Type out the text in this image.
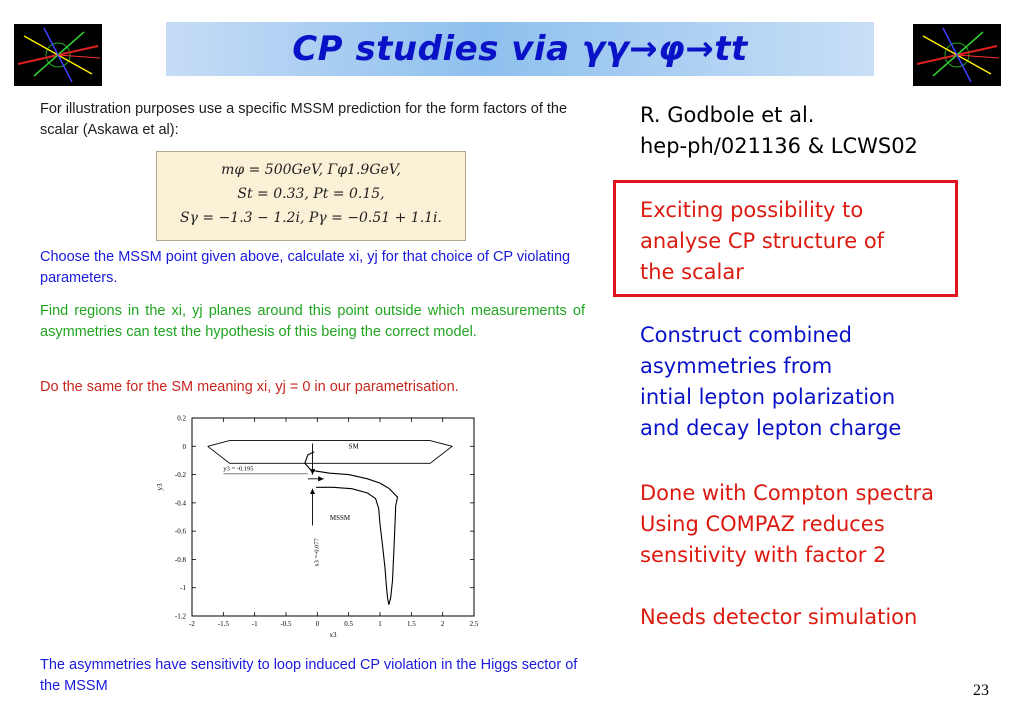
CP studies via γγ→φ→tt
For illustration purposes use a specific MSSM prediction for the form factors of the scalar (Askawa et al):
mφ = 500GeV, Γφ1.9GeV,
St = 0.33, Pt = 0.15,
Sγ = −1.3 − 1.2i, Pγ = −0.51 + 1.1i.
Choose the MSSM point given above, calculate xi, yj for that choice of CP violating parameters.
Find regions in the xi, yj planes around this point outside which measurements of asymmetries can test the hypothesis of this being the correct model.
Do the same for the SM meaning xi, yj = 0 in our parametrisation.
-2	-1.5	-1	-0.5	0	0.5	1	1.5	2	2.5
0.2
0
-0.2
-0.4
-0.6
-0.8
-1
-1.2
x3
y3
SM
y3 = -0.195
MSSM
x3 =-0.077
The asymmetries have sensitivity to loop induced CP violation in the Higgs sector of the MSSM
R. Godbole et al.
hep-ph/021136 & LCWS02
Exciting possibility to
analyse CP structure of
the scalar
Construct combined
asymmetries from
intial lepton polarization
and decay lepton charge
Done with Compton spectra
Using COMPAZ reduces
sensitivity with factor 2
Needs detector simulation
23
